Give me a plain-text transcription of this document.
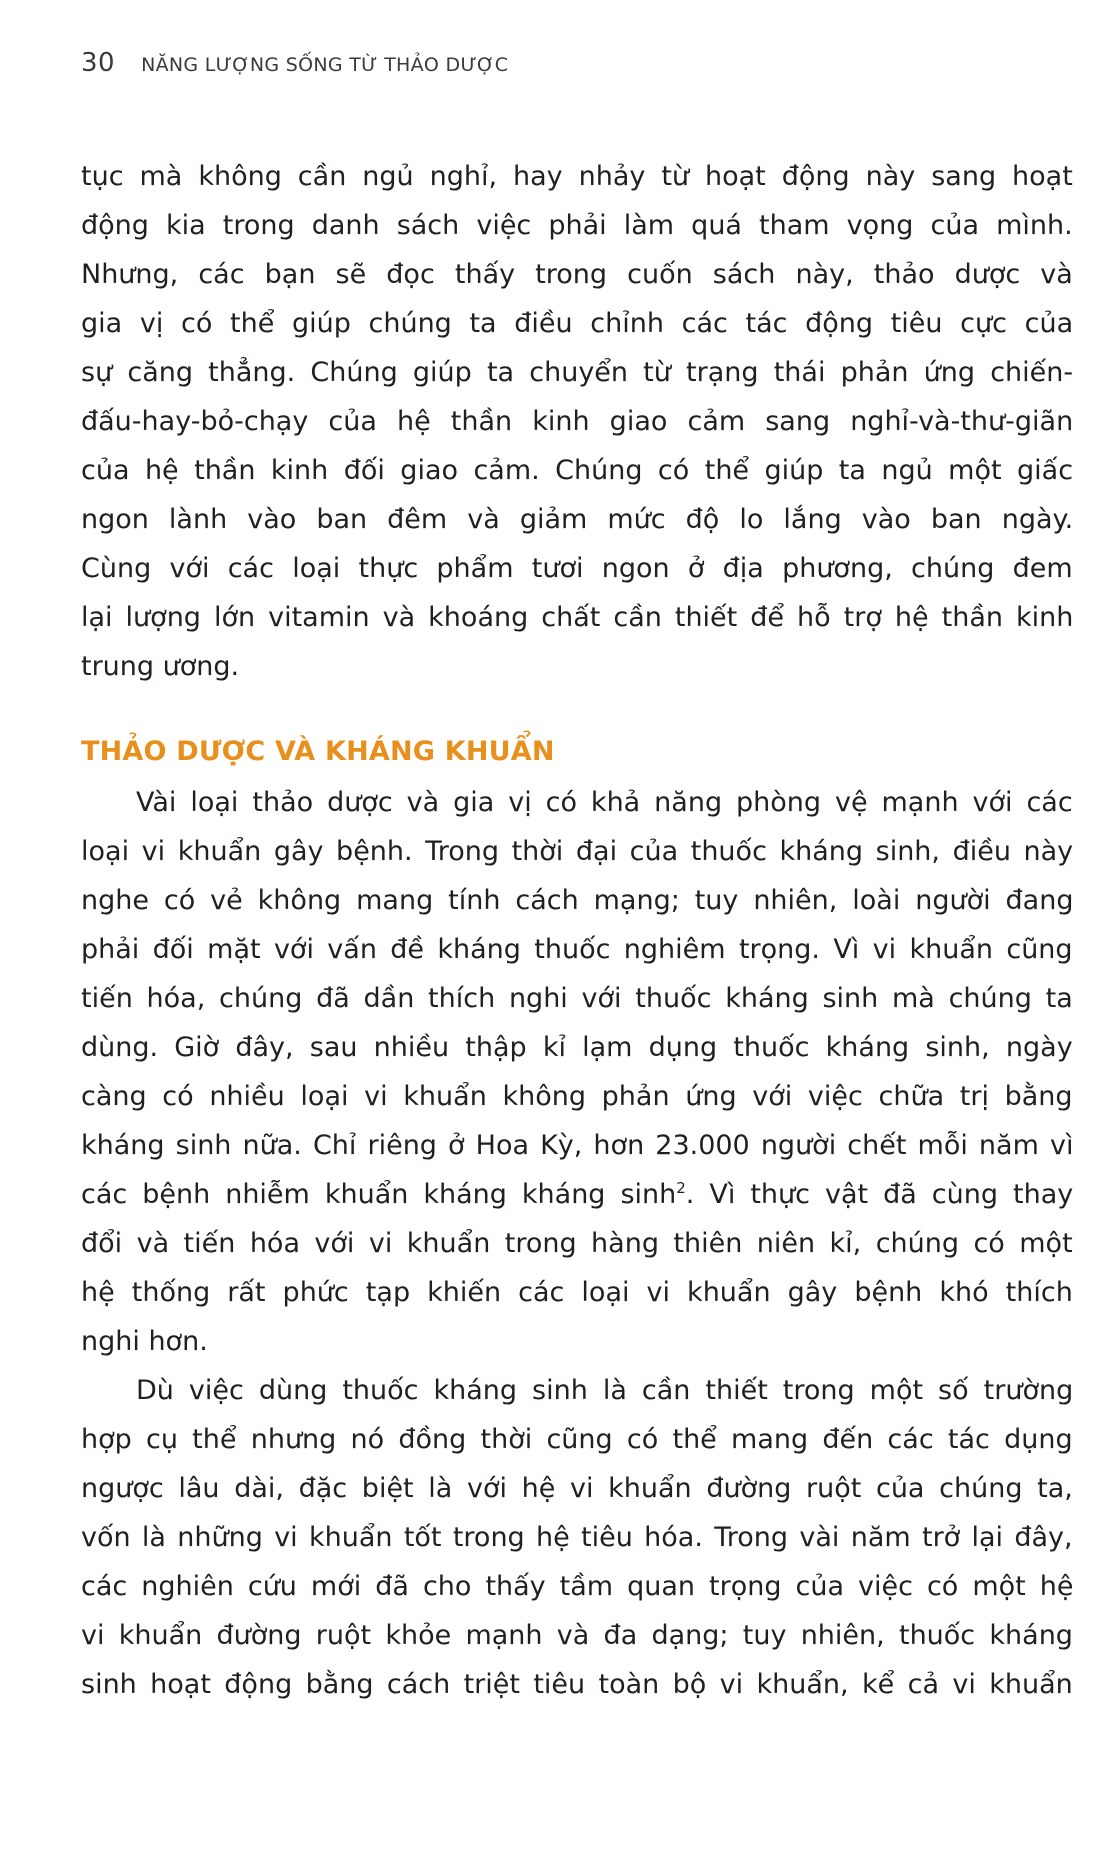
30 NĂNG LƯỢNG SỐNG TỪ THẢO DƯỢC
tục mà không cần ngủ nghỉ, hay nhảy từ hoạt động này sang hoạt
động kia trong danh sách việc phải làm quá tham vọng của mình.
Nhưng, các bạn sẽ đọc thấy trong cuốn sách này, thảo dược và
gia vị có thể giúp chúng ta điều chỉnh các tác động tiêu cực của
sự căng thẳng. Chúng giúp ta chuyển từ trạng thái phản ứng chiến-
đấu-hay-bỏ-chạy của hệ thần kinh giao cảm sang nghỉ-và-thư-giãn
của hệ thần kinh đối giao cảm. Chúng có thể giúp ta ngủ một giấc
ngon lành vào ban đêm và giảm mức độ lo lắng vào ban ngày.
Cùng với các loại thực phẩm tươi ngon ở địa phương, chúng đem
lại lượng lớn vitamin và khoáng chất cần thiết để hỗ trợ hệ thần kinh
trung ương.
THẢO DƯỢC VÀ KHÁNG KHUẨN
Vài loại thảo dược và gia vị có khả năng phòng vệ mạnh với các
loại vi khuẩn gây bệnh. Trong thời đại của thuốc kháng sinh, điều này
nghe có vẻ không mang tính cách mạng; tuy nhiên, loài người đang
phải đối mặt với vấn đề kháng thuốc nghiêm trọng. Vì vi khuẩn cũng
tiến hóa, chúng đã dần thích nghi với thuốc kháng sinh mà chúng ta
dùng. Giờ đây, sau nhiều thập kỉ lạm dụng thuốc kháng sinh, ngày
càng có nhiều loại vi khuẩn không phản ứng với việc chữa trị bằng
kháng sinh nữa. Chỉ riêng ở Hoa Kỳ, hơn 23.000 người chết mỗi năm vì
các bệnh nhiễm khuẩn kháng kháng $\sinh^2$. Vì thực vật đã cùng thay
đổi và tiến hóa với vi khuẩn trong hàng thiên niên kỉ, chúng có một
hệ thống rất phức tạp khiến các loại vi khuẩn gây bệnh khó thích
nghi hơn.
Dù việc dùng thuốc kháng sinh là cần thiết trong một số trường
hợp cụ thể nhưng nó đồng thời cũng có thể mang đến các tác dụng
ngược lâu dài, đặc biệt là với hệ vi khuẩn đường ruột của chúng ta,
vốn là những vi khuẩn tốt trong hệ tiêu hóa. Trong vài năm trở lại đây,
các nghiên cứu mới đã cho thấy tầm quan trọng của việc có một hệ
vi khuẩn đường ruột khỏe mạnh và đa dạng; tuy nhiên, thuốc kháng
sinh hoạt động bằng cách triệt tiêu toàn bộ vi khuẩn, kể cả vi khuẩn
